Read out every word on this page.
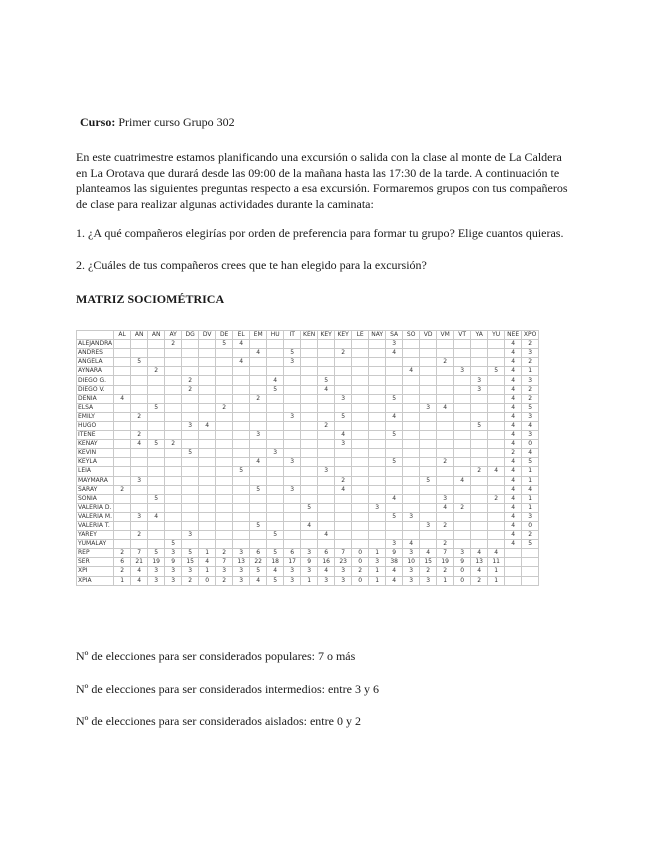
Curso: Primer curso Grupo 302
En este cuatrimestre estamos planificando una excursión o salida con la clase al monte de La Caldera en La Orotava que durará desde las 09:00 de la mañana hasta las 17:30 de la tarde. A continuación te planteamos las siguientes preguntas respecto a esa excursión. Formaremos grupos con tus compañeros de clase para realizar algunas actividades durante la caminata:
1. ¿A qué compañeros elegirías por orden de preferencia para formar tu grupo? Elige cuantos quieras.
2. ¿Cuáles de tus compañeros crees que te han elegido para la excursión?
MATRIZ SOCIOMÉTRICA
	AL	AN	AN	AY	DG	DV	DE	EL	EM	HU	IT	KEN	KEY	KEY	LE	NAY	SA	SO	VD	VM	VT	YA	YU	NEE	XPO
ALEJANDRA				2			5	4									3							4	2
ANDRÉS									4		5			2			4							4	3
ÁNGELA		5						4			3									2				4	2
AYNARA			2															4			3		5	4	1
DIEGO G.					2					4			5									3		4	3
DIEGO V.					2					5			4									3		4	2
DENIA	4								2					3			5							4	2
ELSA			5				2												3	4				4	5
EMILY		2									3			5			4							4	3
HUGO					3	4							2									5		4	4
ITENE		2							3					4			5							4	3
KENAY		4	5	2										3										4	0
KEVIN					5					3														2	4
KEYLA									4		3						5			2				4	5
LEIA								5					3									2	4	4	1
MAYMARA		3												2					5		4			4	1
SARAY	2								5		3			4										4	4
SONIA			5														4			3			2	4	1
VALERIA D.												5				3				4	2			4	1
VALERIA M.		3	4														5	3						4	3
VALERIA T.									5			4							3	2				4	0
YAREY		2			3					5			4											4	2
YUMALAY				5													3	4		2				4	5
REP	2	7	5	3	5	1	2	3	6	5	6	3	6	7	0	1	9	3	4	7	3	4	4		
SER	6	21	19	9	15	4	7	13	22	18	17	9	16	23	0	3	38	10	15	19	9	13	11		
XPI	2	4	3	3	3	1	3	3	5	4	3	3	4	3	2	1	4	3	2	2	0	4	1		
XPIA	1	4	3	3	2	0	2	3	4	5	3	1	3	3	0	1	4	3	3	1	0	2	1		
Nº de elecciones para ser considerados populares: 7 o más
Nº de elecciones para ser considerados intermedios: entre 3 y 6
Nº de elecciones para ser considerados aislados: entre 0 y 2
